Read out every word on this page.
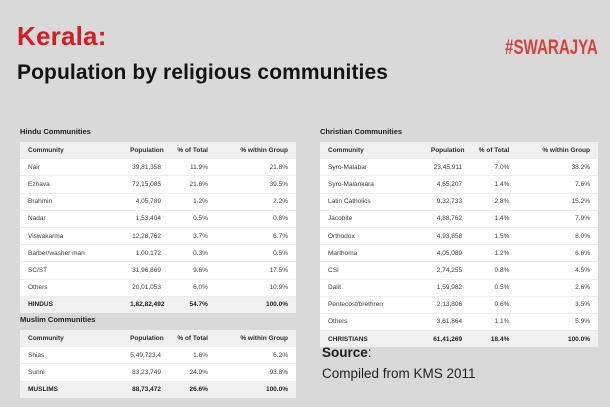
Kerala:
Population by religious communities
#SWARAJYA
Hindu Communities
Community	Population	% of Total	% within Group
Nair	39,81,358	11.9%	21.8%
Ezhava	72,15,085	21.6%	39.5%
Brahmin	4,05,789	1.2%	2.2%
Nadar	1,53,404	0.5%	0.8%
Viswakarma	12,28,762	3.7%	6.7%
Barber/washer man	1,00,172	0.3%	0.5%
SC/ST	31,96,869	9.6%	17.5%
Others	20,01,053	6.0%	10.9%
HINDUS	1,82,82,492	54.7%	100.0%
Muslim Communities
Community	Population	% of Total	% within Group
Shias	5,49,723.4	1.6%	6.2%
Sunni	83,23,749	24.9%	93.8%
MUSLIMS	88,73,472	26.6%	100.0%
Christian Communities
Community	Population	% of Total	% within Group
Syro-Malabar	23,45,911	7.0%	38.2%
Syro-Malankara	4,65,207	1.4%	7.6%
Latin Catholics	9,32,733	2.8%	15.2%
Jacobite	4,88,762	1.4%	7.9%
Orthodox	4,93,858	1.5%	8.0%
Marthoma	4,05,089	1.2%	6.6%
CSI	2,74,255	0.8%	4.5%
Dalit	1,59,982	0.5%	2.6%
Pentecost/brethren	2,13,806	0.6%	3.5%
Others	3,61,864	1.1%	5.9%
CHRISTIANS	61,41,269	18.4%	100.0%
Source:
Compiled from KMS 2011
